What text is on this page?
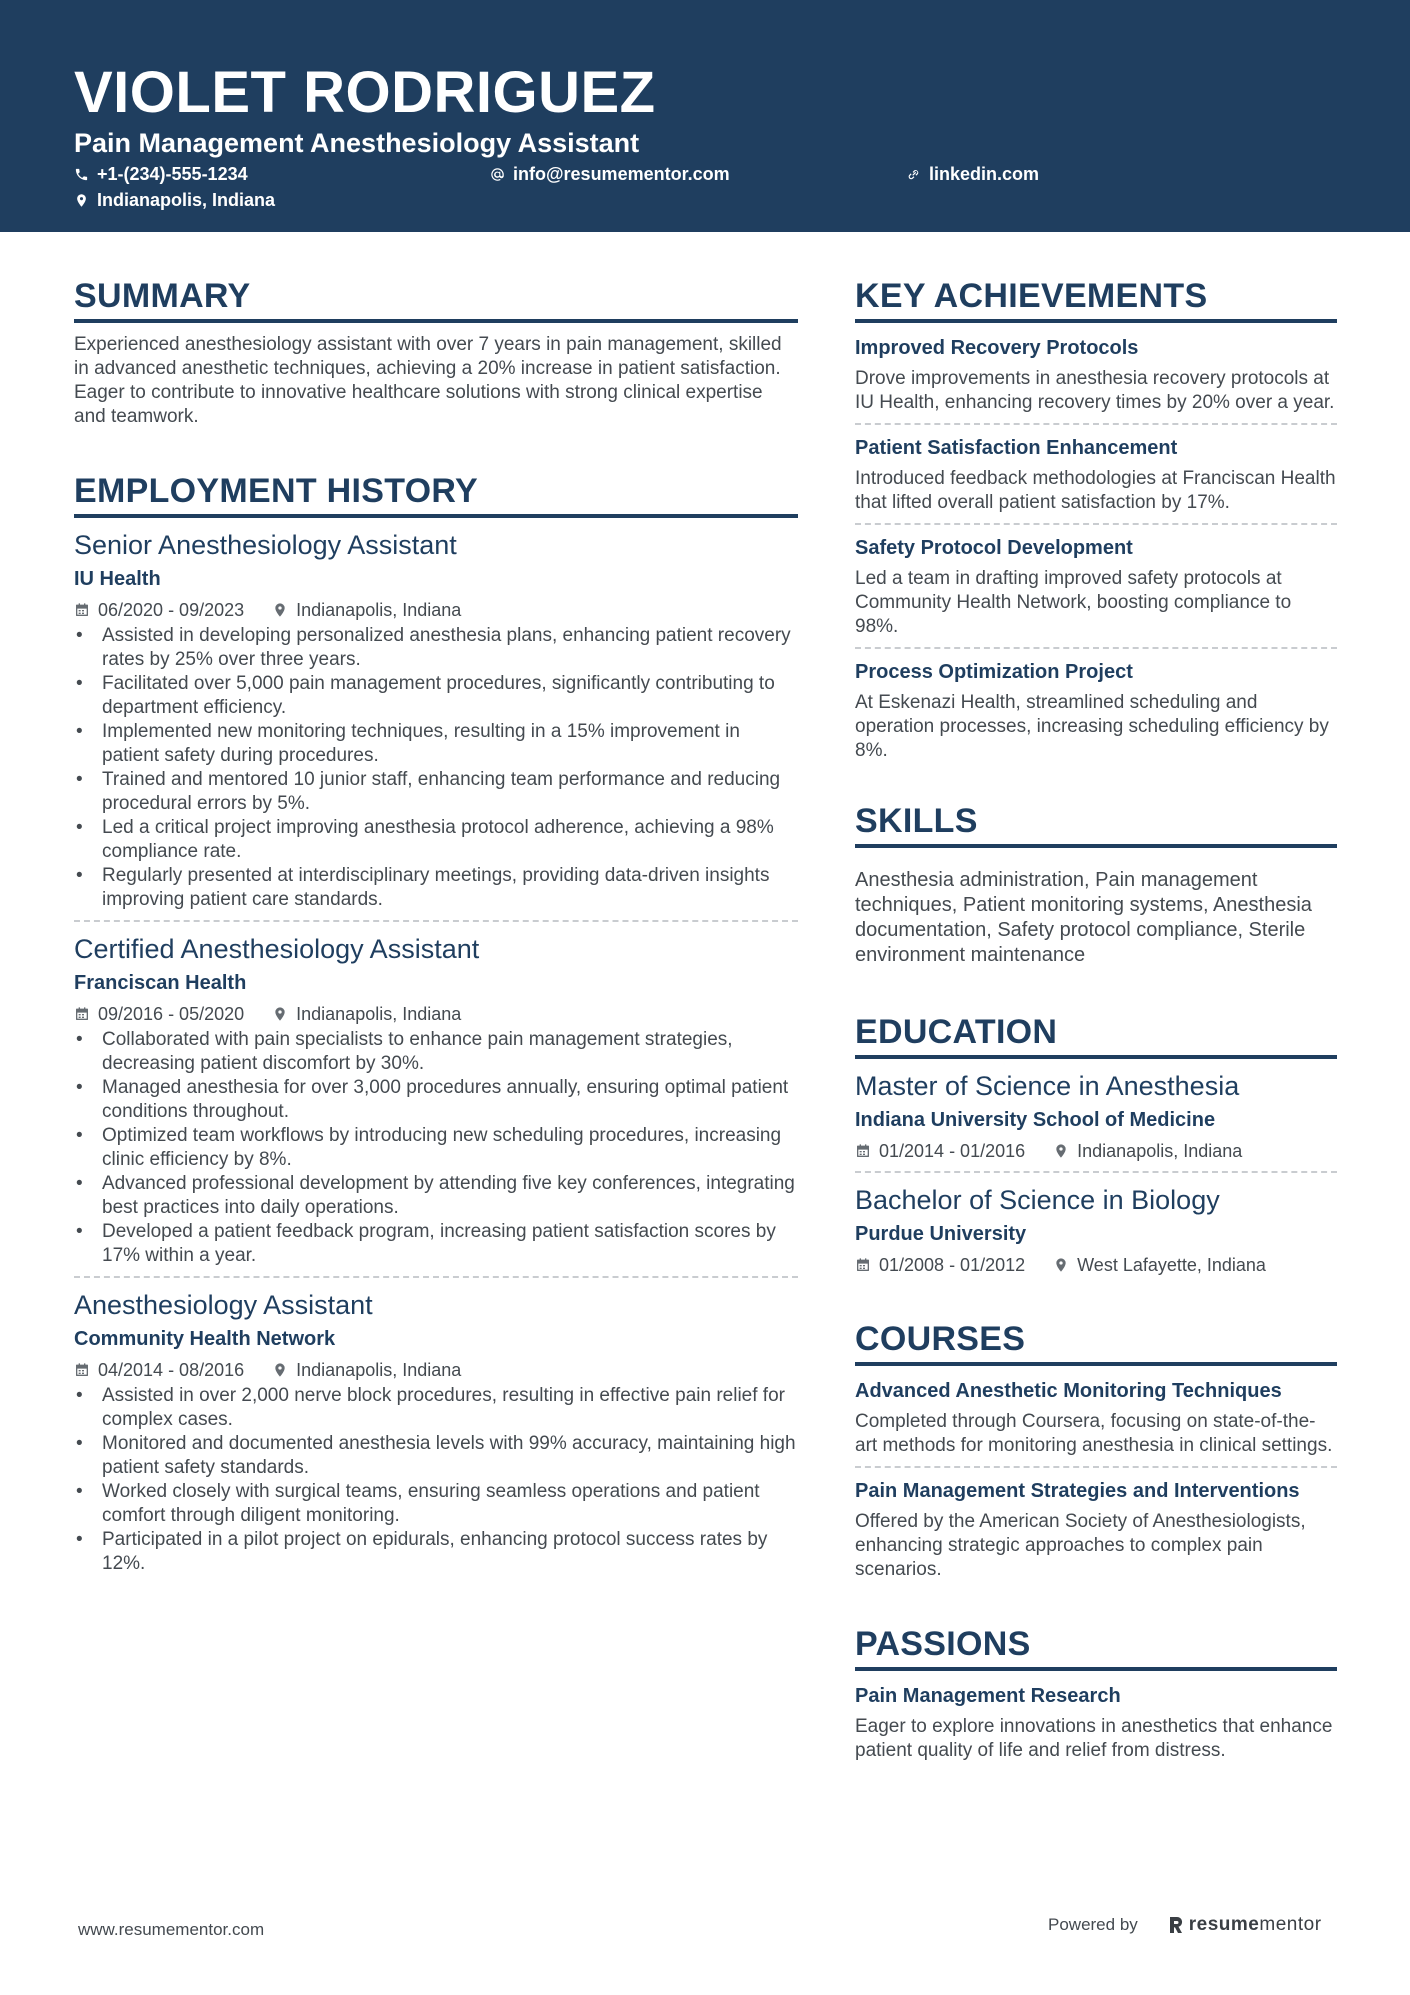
VIOLET RODRIGUEZ
Pain Management Anesthesiology Assistant
+1-(234)-555-1234	info@resumementor.com	linkedin.com
Indianapolis, Indiana
SUMMARY

Experienced anesthesiology assistant with over 7 years in pain management, skilled in advanced anesthetic techniques, achieving a 20% increase in patient satisfaction. Eager to contribute to innovative healthcare solutions with strong clinical expertise and teamwork.

EMPLOYMENT HISTORY
Senior Anesthesiology Assistant
IU Health
06/2020 - 09/2023	Indianapolis, Indiana
• Assisted in developing personalized anesthesia plans, enhancing patient recovery rates by 25% over three years.
• Facilitated over 5,000 pain management procedures, significantly contributing to department efficiency.
• Implemented new monitoring techniques, resulting in a 15% improvement in patient safety during procedures.
• Trained and mentored 10 junior staff, enhancing team performance and reducing procedural errors by 5%.
• Led a critical project improving anesthesia protocol adherence, achieving a 98% compliance rate.
• Regularly presented at interdisciplinary meetings, providing data-driven insights improving patient care standards.
Certified Anesthesiology Assistant
Franciscan Health
09/2016 - 05/2020	Indianapolis, Indiana
• Collaborated with pain specialists to enhance pain management strategies, decreasing patient discomfort by 30%.
• Managed anesthesia for over 3,000 procedures annually, ensuring optimal patient conditions throughout.
• Optimized team workflows by introducing new scheduling procedures, increasing clinic efficiency by 8%.
• Advanced professional development by attending five key conferences, integrating best practices into daily operations.
• Developed a patient feedback program, increasing patient satisfaction scores by 17% within a year.
Anesthesiology Assistant
Community Health Network
04/2014 - 08/2016	Indianapolis, Indiana
• Assisted in over 2,000 nerve block procedures, resulting in effective pain relief for complex cases.
• Monitored and documented anesthesia levels with 99% accuracy, maintaining high patient safety standards.
• Worked closely with surgical teams, ensuring seamless operations and patient comfort through diligent monitoring.
• Participated in a pilot project on epidurals, enhancing protocol success rates by 12%.
KEY ACHIEVEMENTS
Improved Recovery Protocols

Drove improvements in anesthesia recovery protocols at IU Health, enhancing recovery times by 20% over a year.

Patient Satisfaction Enhancement

Introduced feedback methodologies at Franciscan Health that lifted overall patient satisfaction by 17%.

Safety Protocol Development

Led a team in drafting improved safety protocols at Community Health Network, boosting compliance to 98%.

Process Optimization Project

At Eskenazi Health, streamlined scheduling and operation processes, increasing scheduling efficiency by 8%.

SKILLS

Anesthesia administration, Pain management techniques, Patient monitoring systems, Anesthesia documentation, Safety protocol compliance, Sterile environment maintenance

EDUCATION
Master of Science in Anesthesia
Indiana University School of Medicine
01/2014 - 01/2016	Indianapolis, Indiana
Bachelor of Science in Biology
Purdue University
01/2008 - 01/2012	West Lafayette, Indiana
COURSES
Advanced Anesthetic Monitoring Techniques

Completed through Coursera, focusing on state-of-the-art methods for monitoring anesthesia in clinical settings.

Pain Management Strategies and Interventions

Offered by the American Society of Anesthesiologists, enhancing strategic approaches to complex pain scenarios.

PASSIONS
Pain Management Research

Eager to explore innovations in anesthetics that enhance patient quality of life and relief from distress.

www.resumementor.com	Powered by	resumementor
